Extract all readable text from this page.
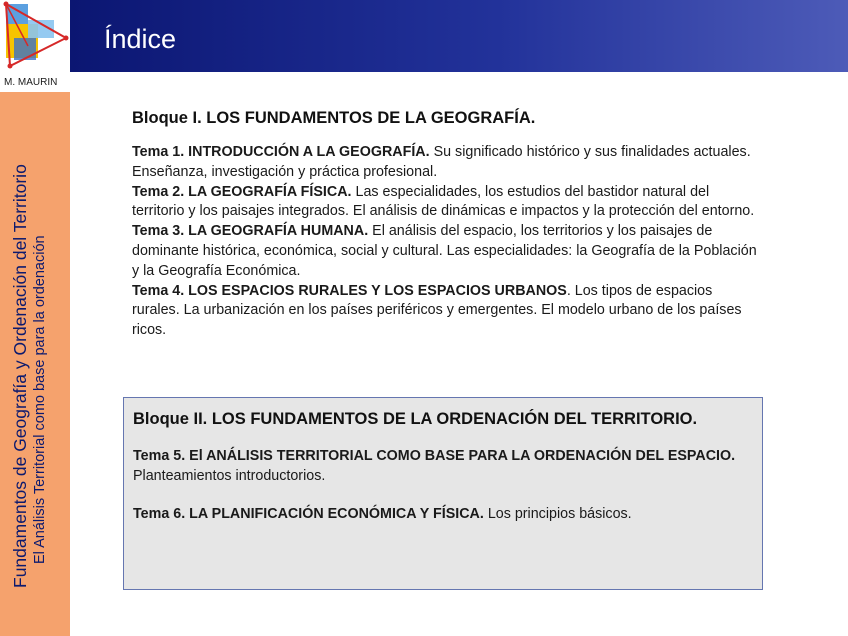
M. MAURIN
Fundamentos de Geografía y Ordenación del Territorio El Análisis Territorial como base para la ordenación
Índice
Bloque I. LOS FUNDAMENTOS DE LA GEOGRAFÍA.
Tema 1. INTRODUCCIÓN A LA GEOGRAFÍA. Su significado histórico y sus finalidades actuales. Enseñanza, investigación y práctica profesional.
Tema 2. LA GEOGRAFÍA FÍSICA. Las especialidades, los estudios del bastidor natural del territorio y los paisajes integrados. El análisis de dinámicas e impactos y la protección del entorno.
Tema 3. LA GEOGRAFÍA HUMANA. El análisis del espacio, los territorios y los paisajes de dominante histórica, económica, social y cultural. Las especialidades: la Geografía de la Población y la Geografía Económica.
Tema 4. LOS ESPACIOS RURALES Y LOS ESPACIOS URBANOS. Los tipos de espacios rurales. La urbanización en los países periféricos y emergentes. El modelo urbano de los países ricos.
Bloque II. LOS FUNDAMENTOS DE LA ORDENACIÓN DEL TERRITORIO.
Tema 5. El ANÁLISIS TERRITORIAL COMO BASE PARA LA ORDENACIÓN DEL ESPACIO. Planteamientos introductorios.
Tema 6. LA PLANIFICACIÓN ECONÓMICA Y FÍSICA. Los principios básicos.
